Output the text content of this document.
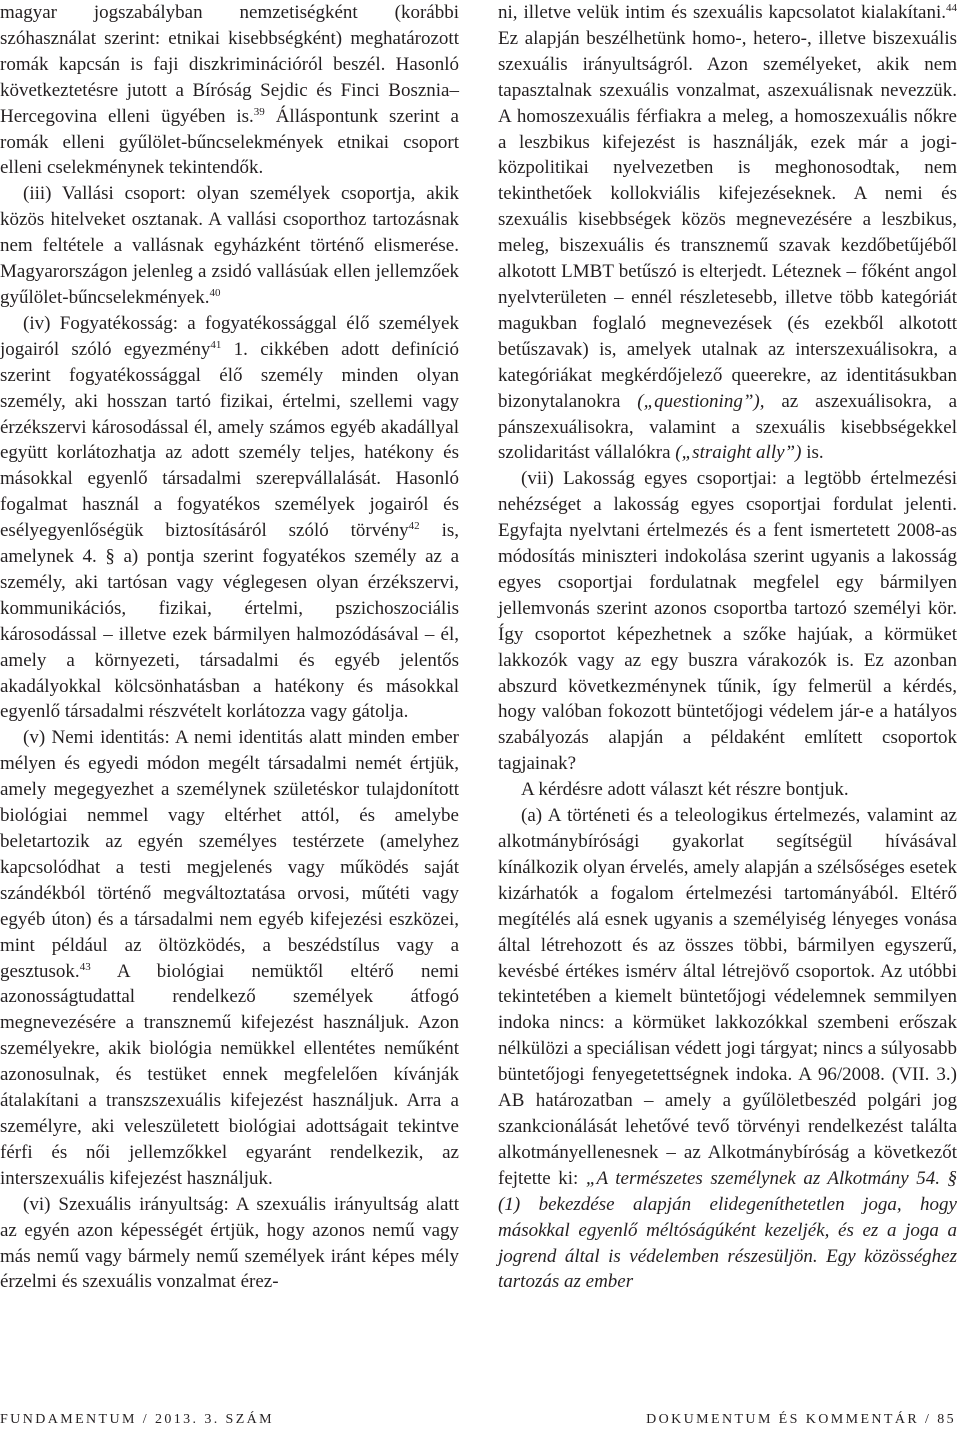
magyar jogszabályban nemzetiségként (korábbi szóhasználat szerint: etnikai kisebbségként) meghatározott romák kapcsán is faji diszkriminációról beszél. Hasonló következtetésre jutott a Bíróság Sejdic és Finci Bosznia–Hercegovina elleni ügyében is.$^{39}$ Álláspontunk szerint a romák elleni gyűlölet-bűncselekmények etnikai csoport elleni cselekménynek tekintendők.

(iii) Vallási csoport: olyan személyek csoportja, akik közös hitelveket osztanak. A vallási csoporthoz tartozásnak nem feltétele a vallásnak egyházként történő elismerése. Magyarországon jelenleg a zsidó vallásúak ellen jellemzőek gyűlölet-bűncselekmények.$^{40}$

(iv) Fogyatékosság: a fogyatékossággal élő személyek jogairól szóló egyezmény$^{41}$ 1. cikkében adott definíció szerint fogyatékossággal élő személy minden olyan személy, aki hosszan tartó fizikai, értelmi, szellemi vagy érzékszervi károsodással él, amely számos egyéb akadállyal együtt korlátozhatja az adott személy teljes, hatékony és másokkal egyenlő társadalmi szerepvállalását. Hasonló fogalmat használ a fogyatékos személyek jogairól és esélyegyenlőségük biztosításáról szóló törvény$^{42}$ is, amelynek 4. § a) pontja szerint fogyatékos személy az a személy, aki tartósan vagy véglegesen olyan érzékszervi, kommunikációs, fizikai, értelmi, pszichoszociális károsodással – illetve ezek bármilyen halmozódásával – él, amely a környezeti, társadalmi és egyéb jelentős akadályokkal kölcsönhatásban a hatékony és másokkal egyenlő társadalmi részvételt korlátozza vagy gátolja.

(v) Nemi identitás: A nemi identitás alatt minden ember mélyen és egyedi módon megélt társadalmi nemét értjük, amely megegyezhet a személynek születéskor tulajdonított biológiai nemmel vagy eltérhet attól, és amelybe beletartozik az egyén személyes testérzete (amelyhez kapcsolódhat a testi megjelenés vagy működés saját szándékból történő megváltoztatása orvosi, műtéti vagy egyéb úton) és a társadalmi nem egyéb kifejezési eszközei, mint például az öltözködés, a beszédstílus vagy a gesztusok.$^{43}$ A biológiai nemüktől eltérő nemi azonosságtudattal rendelkező személyek átfogó megnevezésére a transznemű kifejezést használjuk. Azon személyekre, akik biológia nemükkel ellentétes neműként azonosulnak, és testüket ennek megfelelően kívánják átalakítani a transzszexuális kifejezést használjuk. Arra a személyre, aki veleszületett biológiai adottságait tekintve férfi és női jellemzőkkel egyaránt rendelkezik, az interszexuális kifejezést használjuk.

(vi) Szexuális irányultság: A szexuális irányultság alatt az egyén azon képességét értjük, hogy azonos nemű vagy más nemű vagy bármely nemű személyek iránt képes mély érzelmi és szexuális vonzalmat érez-

ni, illetve velük intim és szexuális kapcsolatot kialakítani.$^{44}$ Ez alapján beszélhetünk homo-, hetero-, illetve biszexuális szexuális irányultságról. Azon személyeket, akik nem tapasztalnak szexuális vonzalmat, aszexuálisnak nevezzük. A homoszexuális férfiakra a meleg, a homoszexuális nőkre a leszbikus kifejezést is használják, ezek már a jogi-közpolitikai nyelvezetben is meghonosodtak, nem tekinthetőek kollokviális kifejezéseknek. A nemi és szexuális kisebbségek közös megnevezésére a leszbikus, meleg, biszexuális és transznemű szavak kezdőbetűjéből alkotott LMBT betűszó is elterjedt. Léteznek – főként angol nyelvterületen – ennél részletesebb, illetve több kategóriát magukban foglaló megnevezések (és ezekből alkotott betűszavak) is, amelyek utalnak az interszexuálisokra, a kategóriákat megkérdőjelező queerekre, az identitásukban bizonytalanokra („questioning”), az aszexuálisokra, a pánszexuálisokra, valamint a szexuális kisebbségekkel szolidaritást vállalókra („straight ally”) is.

(vii) Lakosság egyes csoportjai: a legtöbb értelmezési nehézséget a lakosság egyes csoportjai fordulat jelenti. Egyfajta nyelvtani értelmezés és a fent ismertetett 2008-as módosítás miniszteri indokolása szerint ugyanis a lakosság egyes csoportjai fordulatnak megfelel egy bármilyen jellemvonás szerint azonos csoportba tartozó személyi kör. Így csoportot képezhetnek a szőke hajúak, a körmüket lakkozók vagy az egy buszra várakozók is. Ez azonban abszurd következménynek tűnik, így felmerül a kérdés, hogy valóban fokozott büntetőjogi védelem jár-e a hatályos szabályozás alapján a példaként említett csoportok tagjainak?

A kérdésre adott választ két részre bontjuk.

(a) A történeti és a teleologikus értelmezés, valamint az alkotmánybírósági gyakorlat segítségül hívásával kínálkozik olyan érvelés, amely alapján a szélsőséges esetek kizárhatók a fogalom értelmezési tartományából. Eltérő megítélés alá esnek ugyanis a személyiség lényeges vonása által létrehozott és az összes többi, bármilyen egyszerű, kevésbé értékes ismérv által létrejövő csoportok. Az utóbbi tekintetében a kiemelt büntetőjogi védelemnek semmilyen indoka nincs: a körmüket lakkozókkal szembeni erőszak nélkülözi a speciálisan védett jogi tárgyat; nincs a súlyosabb büntetőjogi fenyegetettségnek indoka. A 96/2008. (VII. 3.) AB határozatban – amely a gyűlöletbeszéd polgári jog szankcionálását lehetővé tevő törvényi rendelkezést találta alkotmányellenesnek – az Alkotmánybíróság a következőt fejtette ki: „A természetes személynek az Alkotmány 54. § (1) bekezdése alapján elidegeníthetetlen joga, hogy másokkal egyenlő méltóságúként kezeljék, és ez a joga a jogrend által is védelemben részesüljön. Egy közösséghez tartozás az ember

FUNDAMENTUM / 2013. 3. SZÁM	DOKUMENTUM ÉS KOMMENTÁR / 85
